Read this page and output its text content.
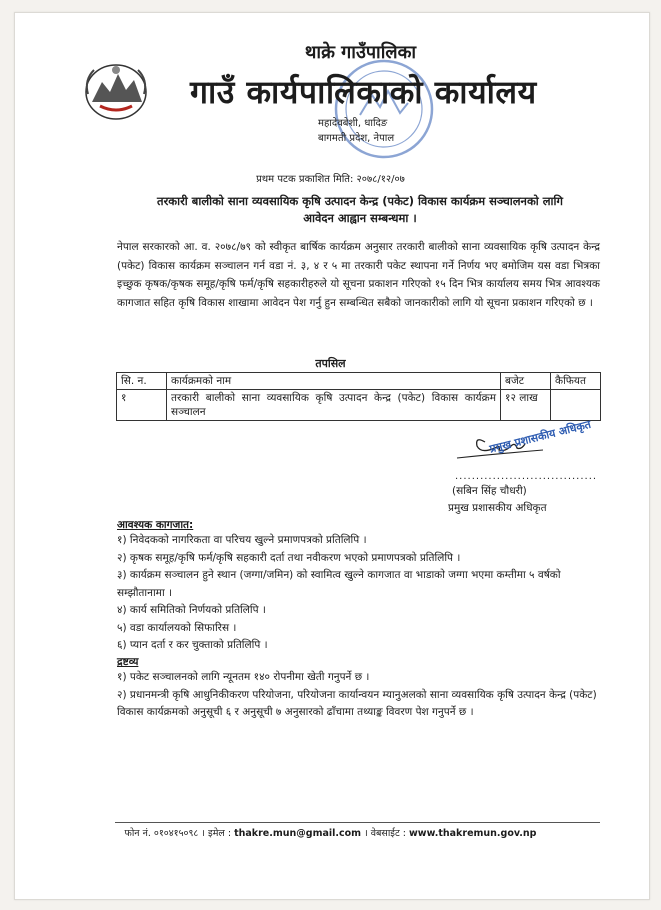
थाक्रे गाउँपालिका
गाउँ कार्यपालिकाको कार्यालय
महादेवबेशी, धादिङ
बागमती प्रदेश, नेपाल
प्रथम पटक प्रकाशित मिति: २०७८/१२/०७
तरकारी बालीको साना व्यवसायिक कृषि उत्पादन केन्द्र (पकेट) विकास कार्यक्रम सञ्चालनको लागि
आवेदन आह्वान सम्बन्धमा ।
नेपाल सरकारको आ. व. २०७८/७९ को स्वीकृत बार्षिक कार्यक्रम अनुसार तरकारी बालीको साना व्यवसायिक कृषि उत्पादन केन्द्र (पकेट) विकास कार्यक्रम सञ्चालन गर्न वडा नं. ३, ४ र ५ मा तरकारी पकेट स्थापना गर्ने निर्णय भए बमोजिम यस वडा भित्रका इच्छुक कृषक/कृषक समूह/कृषि फर्म/कृषि सहकारीहरुले यो सूचना प्रकाशन गरिएको १५ दिन भित्र कार्यालय समय भित्र आवश्यक कागजात सहित कृषि विकास शाखामा आवेदन पेश गर्नु हुन सम्बन्धित सबैको जानकारीको लागि यो सूचना प्रकाशन गरिएको छ ।
तपसिल
सि. न.	कार्यक्रमको नाम	बजेट	कैफियत
१	तरकारी बालीको साना व्यवसायिक कृषि उत्पादन केन्द्र (पकेट) विकास कार्यक्रम सञ्चालन	१२ लाख	
प्रमुख प्रशासकीय अधिकृत
..................................
(सबिन सिंह चौधरी)
प्रमुख प्रशासकीय अधिकृत
आवश्यक कागजात:
१) निवेदकको नागरिकता वा परिचय खुल्ने प्रमाणपत्रको प्रतिलिपि ।
२) कृषक समूह/कृषि फर्म/कृषि सहकारी दर्ता तथा नवीकरण भएको प्रमाणपत्रको प्रतिलिपि ।
३) कार्यक्रम सञ्चालन हुने स्थान (जग्गा/जमिन) को स्वामित्व खुल्ने कागजात वा भाडाको जग्गा भएमा कम्तीमा ५ वर्षको सम्झौतानामा ।
४) कार्य समितिको निर्णयको प्रतिलिपि ।
५) वडा कार्यालयको सिफारिस ।
६) प्यान दर्ता र कर चुक्ताको प्रतिलिपि ।
द्रष्टव्य
१) पकेट सञ्चालनको लागि न्यूनतम १४० रोपनीमा खेती गनुपर्ने छ ।
२) प्रधानमन्त्री कृषि आधुनिकीकरण परियोजना, परियोजना कार्यान्वयन म्यानुअलको साना व्यवसायिक कृषि उत्पादन केन्द्र (पकेट) विकास कार्यक्रमको अनुसूची ६ र अनुसूची ७ अनुसारको ढाँचामा तथ्याङ्क विवरण पेश गनुपर्ने छ ।
फोन नं. ०१०४१५०९८ । इमेल : thakre.mun@gmail.com । वेबसाईट : www.thakremun.gov.np
